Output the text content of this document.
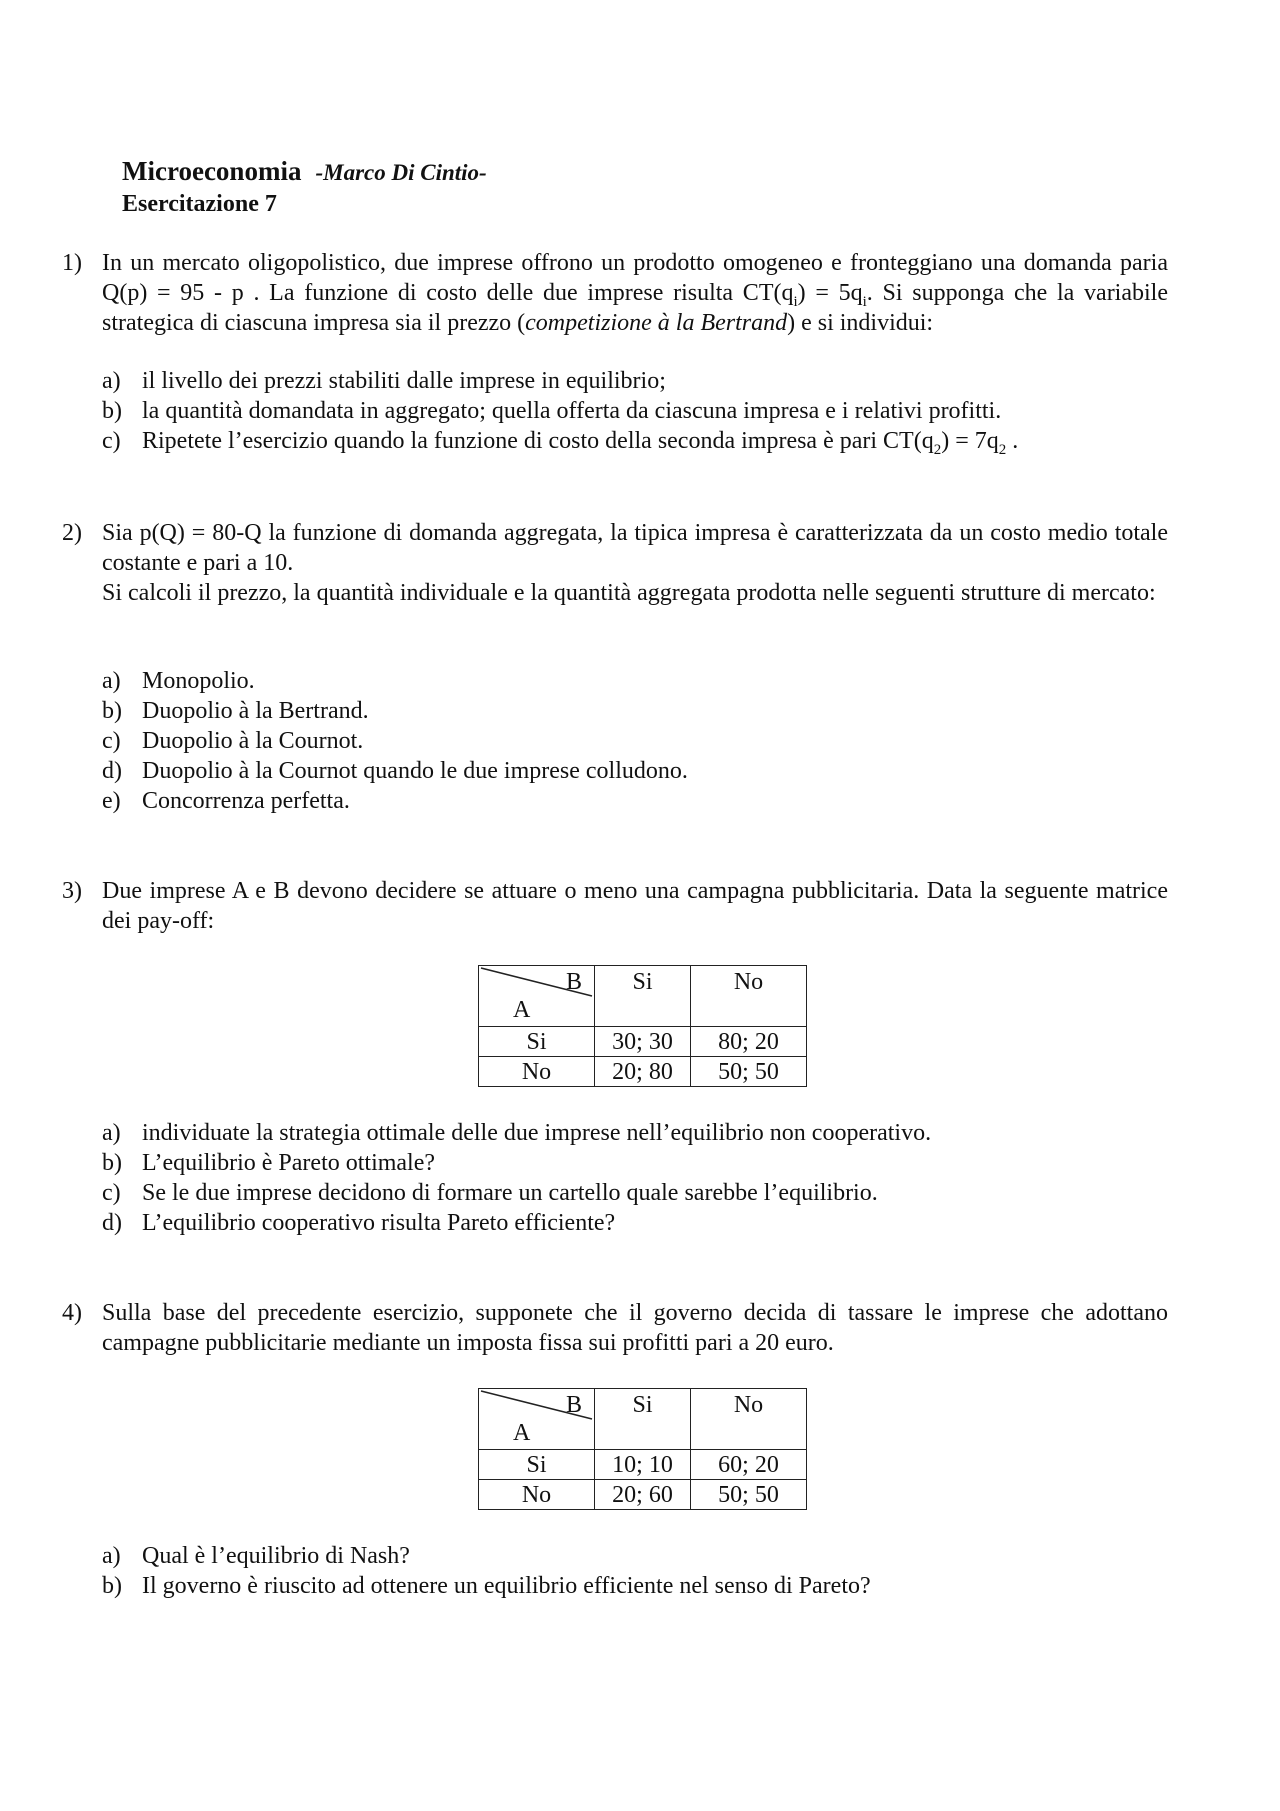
Microeconomia -Marco Di Cintio-
Esercitazione 7
1) In un mercato oligopolistico, due imprese offrono un prodotto omogeneo e fronteggiano una domanda paria Q(p) = 95 - p . La funzione di costo delle due imprese risulta $CT(q_i) = 5q_i$. Si supponga che la variabile strategica di ciascuna impresa sia il prezzo (competizione à la Bertrand) e si individui:
a) il livello dei prezzi stabiliti dalle imprese in equilibrio;
b) la quantità domandata in aggregato; quella offerta da ciascuna impresa e i relativi profitti.
c) Ripetete l’esercizio quando la funzione di costo della seconda impresa è pari $CT(q_2) = 7q_2$ .
2) Sia p(Q) = 80-Q la funzione di domanda aggregata, la tipica impresa è caratterizzata da un costo medio totale costante e pari a 10.
Si calcoli il prezzo, la quantità individuale e la quantità aggregata prodotta nelle seguenti strutture di mercato:
a) Monopolio.
b) Duopolio à la Bertrand.
c) Duopolio à la Cournot.
d) Duopolio à la Cournot quando le due imprese colludono.
e) Concorrenza perfetta.
3) Due imprese A e B devono decidere se attuare o meno una campagna pubblicitaria. Data la seguente matrice dei pay-off:
B
A	Si	No
Si	30; 30	80; 20
No	20; 80	50; 50
a) individuate la strategia ottimale delle due imprese nell’equilibrio non cooperativo.
b) L’equilibrio è Pareto ottimale?
c) Se le due imprese decidono di formare un cartello quale sarebbe l’equilibrio.
d) L’equilibrio cooperativo risulta Pareto efficiente?
4) Sulla base del precedente esercizio, supponete che il governo decida di tassare le imprese che adottano campagne pubblicitarie mediante un imposta fissa sui profitti pari a 20 euro.
B
A	Si	No
Si	10; 10	60; 20
No	20; 60	50; 50
a) Qual è l’equilibrio di Nash?
b) Il governo è riuscito ad ottenere un equilibrio efficiente nel senso di Pareto?
